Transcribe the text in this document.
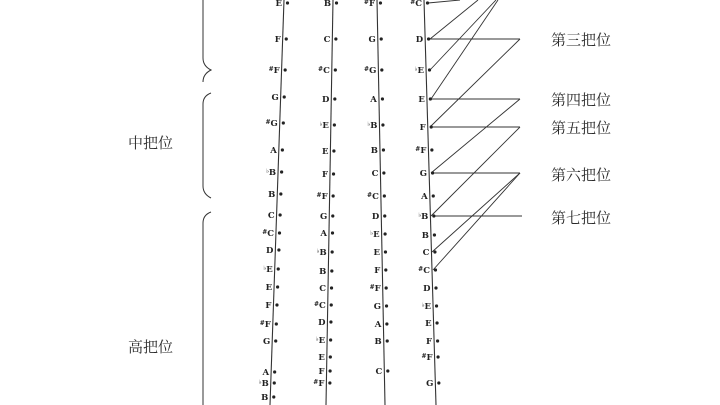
E
F
#F
G
#G
A
♭B
B
C
#C
D
♭E
E
F
#F
G
A
♭B
B
B
C
#C
D
♭E
E
F
#F
G
A
♭B
B
C
#C
D
♭E
E
F
#F
#F
G
#G
A
♭B
B
C
#C
D
♭E
E
F
#F
G
A
B
C
#C
D
♭E
E
F
#F
G
A
♭B
B
C
#C
D
♭E
E
F
#F
G
中把位
高把位
第三把位
第四把位
第五把位
第六把位
第七把位
